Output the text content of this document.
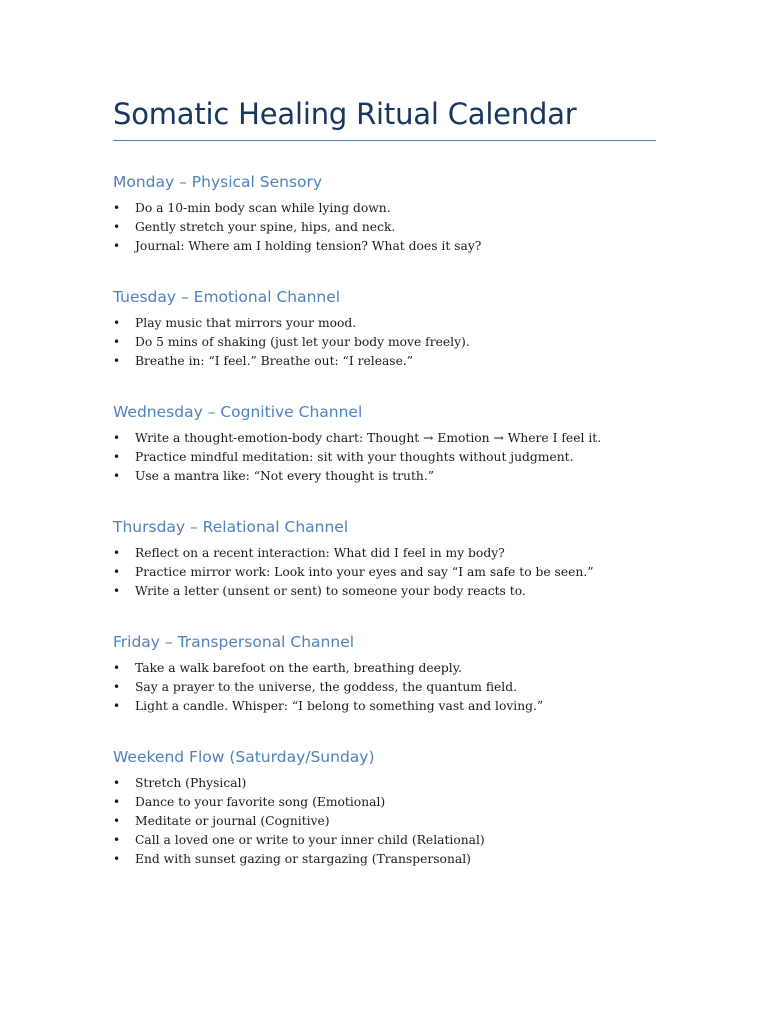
Somatic Healing Ritual Calendar
Monday – Physical Sensory
• Do a 10-min body scan while lying down.
• Gently stretch your spine, hips, and neck.
• Journal: Where am I holding tension? What does it say?
Tuesday – Emotional Channel
• Play music that mirrors your mood.
• Do 5 mins of shaking (just let your body move freely).
• Breathe in: “I feel.” Breathe out: “I release.”
Wednesday – Cognitive Channel
• Write a thought-emotion-body chart: Thought → Emotion → Where I feel it.
• Practice mindful meditation: sit with your thoughts without judgment.
• Use a mantra like: “Not every thought is truth.”
Thursday – Relational Channel
• Reflect on a recent interaction: What did I feel in my body?
• Practice mirror work: Look into your eyes and say “I am safe to be seen.”
• Write a letter (unsent or sent) to someone your body reacts to.
Friday – Transpersonal Channel
• Take a walk barefoot on the earth, breathing deeply.
• Say a prayer to the universe, the goddess, the quantum field.
• Light a candle. Whisper: “I belong to something vast and loving.”
Weekend Flow (Saturday/Sunday)
• Stretch (Physical)
• Dance to your favorite song (Emotional)
• Meditate or journal (Cognitive)
• Call a loved one or write to your inner child (Relational)
• End with sunset gazing or stargazing (Transpersonal)
